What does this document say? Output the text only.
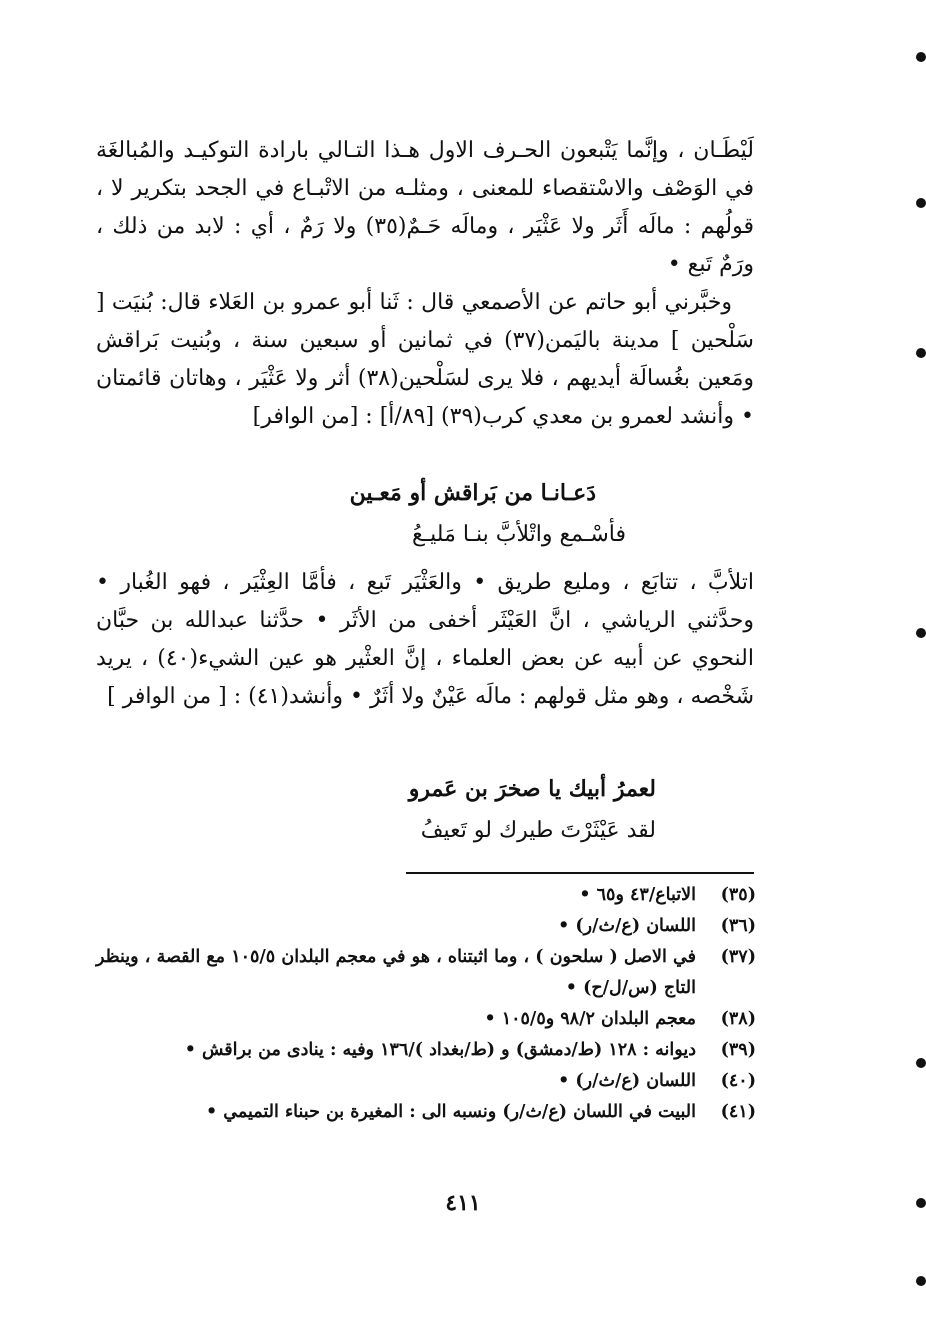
لَيْطَـان ، وإنَّما يَتْبعون الحـرف الاول هـذا التـالي بارادة التوكيـد والمُبالغَة في الوَصْف والاسْتقصاء للمعنى ، ومثلـه من الاتْبـاع في الجحد بتكرير لا ، قولُهم : مالَه أَثَر ولا عَثْيَر ، ومالَه حَـمٌ(٣٥) ولا رَمٌ ، أي : لابد من ذلك ، ورَمٌ تَبع •

وخبَّرني أبو حاتم عن الأصمعي قال : ثَنا أبو عمرو بن العَلاء قال: بُنيَت [ سَلْحين ] مدينة باليَمن(٣٧) في ثمانين أو سبعين سنة ، وبُنيت بَراقش ومَعين بغُسالَة أيديهم ، فلا يرى لسَلْحين(٣٨) أثر ولا عَثْيَر ، وهاتان قائمتان • وأنشد لعمرو بن معدي كرب(٣٩) [٨٩/أ] : [من الوافر]

دَعـانـا من بَراقش أو مَعـين
فأسْـمع واتْلأبَّ بنـا مَليـعُ

اتلأبَّ ، تتابَع ، ومليع طريق • والعَثْيَر تَبع ، فأمَّا العِثْيَر ، فهو الغُبار • وحدَّثني الرياشي ، انَّ العَيْثَر أخفى من الأثَر • حدَّثنا عبدالله بن حبَّان النحوي عن أبيه عن بعض العلماء ، إنَّ العثْير هو عين الشيء(٤٠) ، يريد شَخْصه ، وهو مثل قولهم : مالَه عَيْنٌ ولا أثَرٌ • وأنشد(٤١) : [ من الوافر ]

لعمرُ أبيك يا صخرَ بن عَمرو
لقد عَيْثَرْتَ طيرك لو تَعيفُ
(٣٥)
الاتباع/٤٣ و٦٥ •
(٣٦)
اللسان (ع/ث/ر) •
(٣٧)
في الاصل ( سلحون ) ، وما اثبتناه ، هو في معجم البلدان ١٠٥/٥ مع القصة ، وينظر التاج (س/ل/ح) •
(٣٨)
معجم البلدان ٩٨/٢ و١٠٥/٥ •
(٣٩)
ديوانه : ١٢٨ (ط/دمشق) و (ط/بغداد )/١٣٦ وفيه : ينادى من براقش •
(٤٠)
اللسان (ع/ث/ر) •
(٤١)
البيت في اللسان (ع/ث/ر) ونسبه الى : المغيرة بن حبناء التميمي •
٤١١
